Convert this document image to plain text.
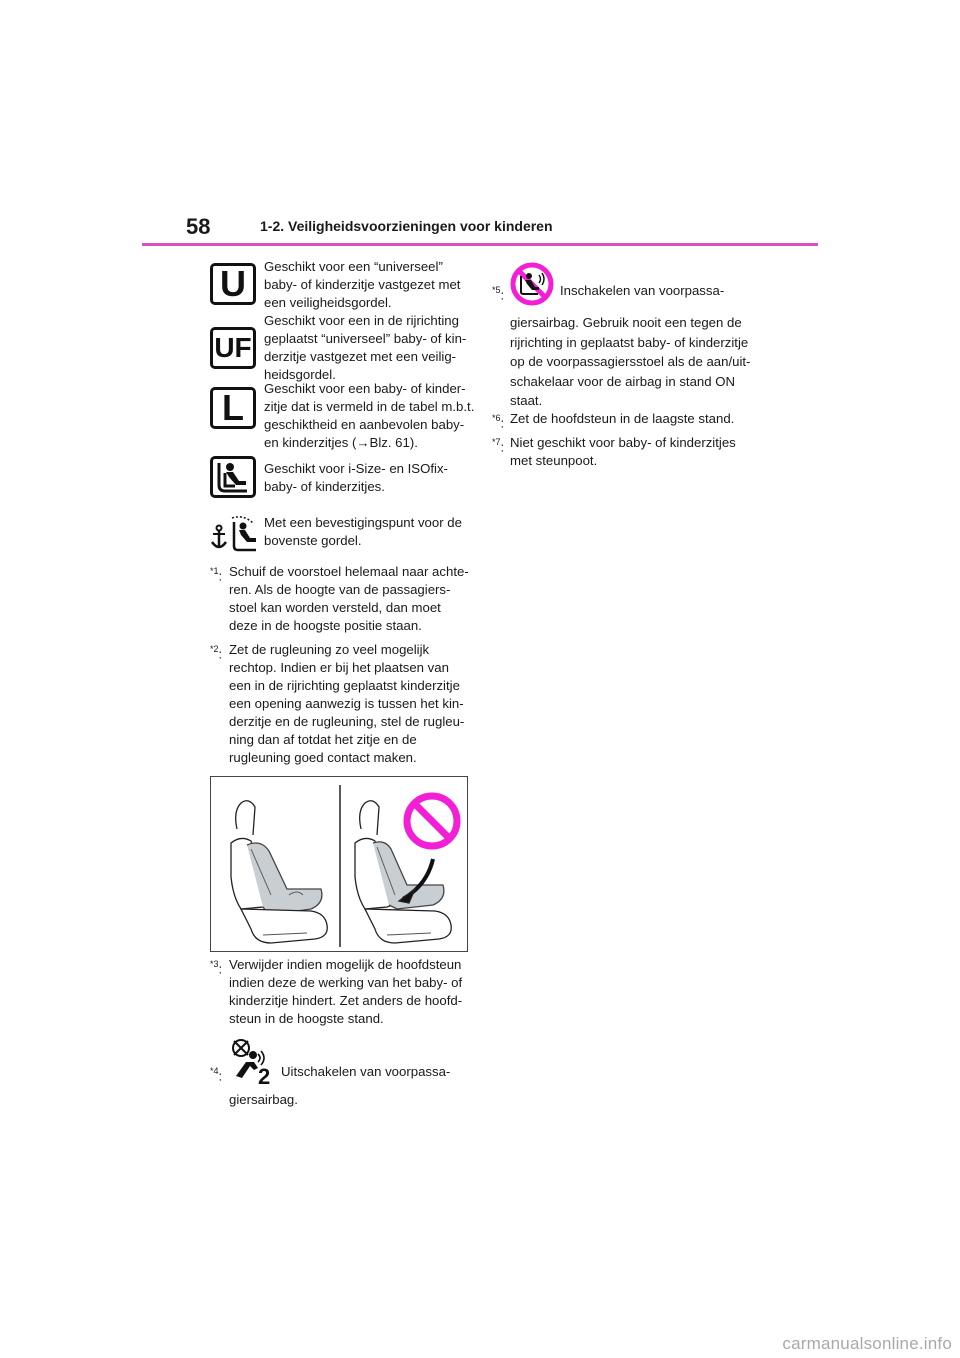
58	1-2. Veiligheidsvoorzieningen voor kinderen
U Geschikt voor een “universeel”
baby- of kinderzitje vastgezet met
een veiligheidsgordel.
UF
Geschikt voor een in de rijrichting
geplaatst “universeel” baby- of kin-
derzitje vastgezet met een veilig-
heidsgordel.
L Geschikt voor een baby- of kinder-
zitje dat is vermeld in de tabel m.b.t.
geschiktheid en aanbevolen baby-
en kinderzitjes (→Blz. 61).
Geschikt voor i-Size- en ISOfix-
baby- of kinderzitjes.
Met een bevestigingspunt voor de
bovenste gordel.
$^{*1}$: Schuif de voorstoel helemaal naar achte-
ren. Als de hoogte van de passagiers-
stoel kan worden versteld, dan moet
deze in de hoogste positie staan.
$^{*2}$: Zet de rugleuning zo veel mogelijk
rechtop. Indien er bij het plaatsen van
een in de rijrichting geplaatst kinderzitje
een opening aanwezig is tussen het kin-
derzitje en de rugleuning, stel de rugleu-
ning dan af totdat het zitje en de
rugleuning goed contact maken.
$^{*3}$: Verwijder indien mogelijk de hoofdsteun
indien deze de werking van het baby- of
kinderzitje hindert. Zet anders de hoofd-
steun in de hoogste stand.
$^{*4}$: 2 Uitschakelen van voorpassa-
giersairbag.
$^{*5}$:	Inschakelen van voorpassa-
giersairbag. Gebruik nooit een tegen de
rijrichting in geplaatst baby- of kinderzitje
op de voorpassagiersstoel als de aan/uit-
schakelaar voor de airbag in stand ON
staat.
$^{*6}$: Zet de hoofdsteun in de laagste stand.
$^{*7}$: Niet geschikt voor baby- of kinderzitjes
met steunpoot.
carmanualsonline.info
